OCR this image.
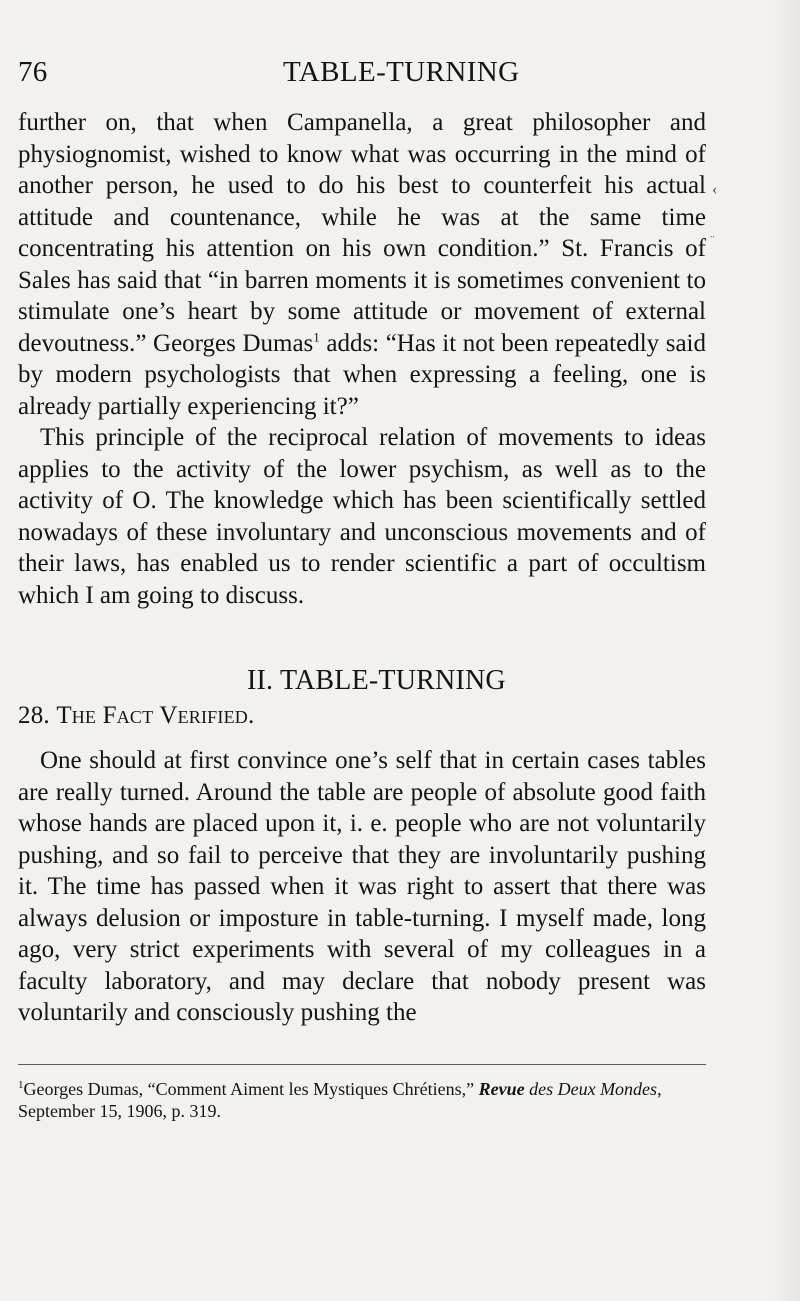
76	TABLE-TURNING
‹
¨

further on, that when Campanella, a great philosopher and physiognomist, wished to know what was occurring in the mind of another person, he used to do his best to counterfeit his actual attitude and countenance, while he was at the same time concentrating his attention on his own condition.” St. Francis of Sales has said that “in barren moments it is sometimes convenient to stimulate one’s heart by some attitude or movement of external devoutness.” Georges Dumas$^1$ adds: “Has it not been repeatedly said by modern psychologists that when expressing a feeling, one is already partially experiencing it?”

This principle of the reciprocal relation of movements to ideas applies to the activity of the lower psychism, as well as to the activity of O. The knowledge which has been scientifically settled nowadays of these involuntary and unconscious movements and of their laws, has enabled us to render scientific a part of occultism which I am going to discuss.

II. TABLE-TURNING
28. The Fact Verified.

One should at first convince one’s self that in certain cases tables are really turned. Around the table are people of absolute good faith whose hands are placed upon it, i. e. people who are not voluntarily pushing, and so fail to perceive that they are involuntarily pushing it. The time has passed when it was right to assert that there was always delusion or imposture in table-turning. I myself made, long ago, very strict experiments with several of my colleagues in a faculty laboratory, and may declare that nobody present was voluntarily and consciously pushing the

$^1$Georges Dumas, “Comment Aiment les Mystiques Chrétiens,” Revue des Deux Mondes, September 15, 1906, p. 319.
